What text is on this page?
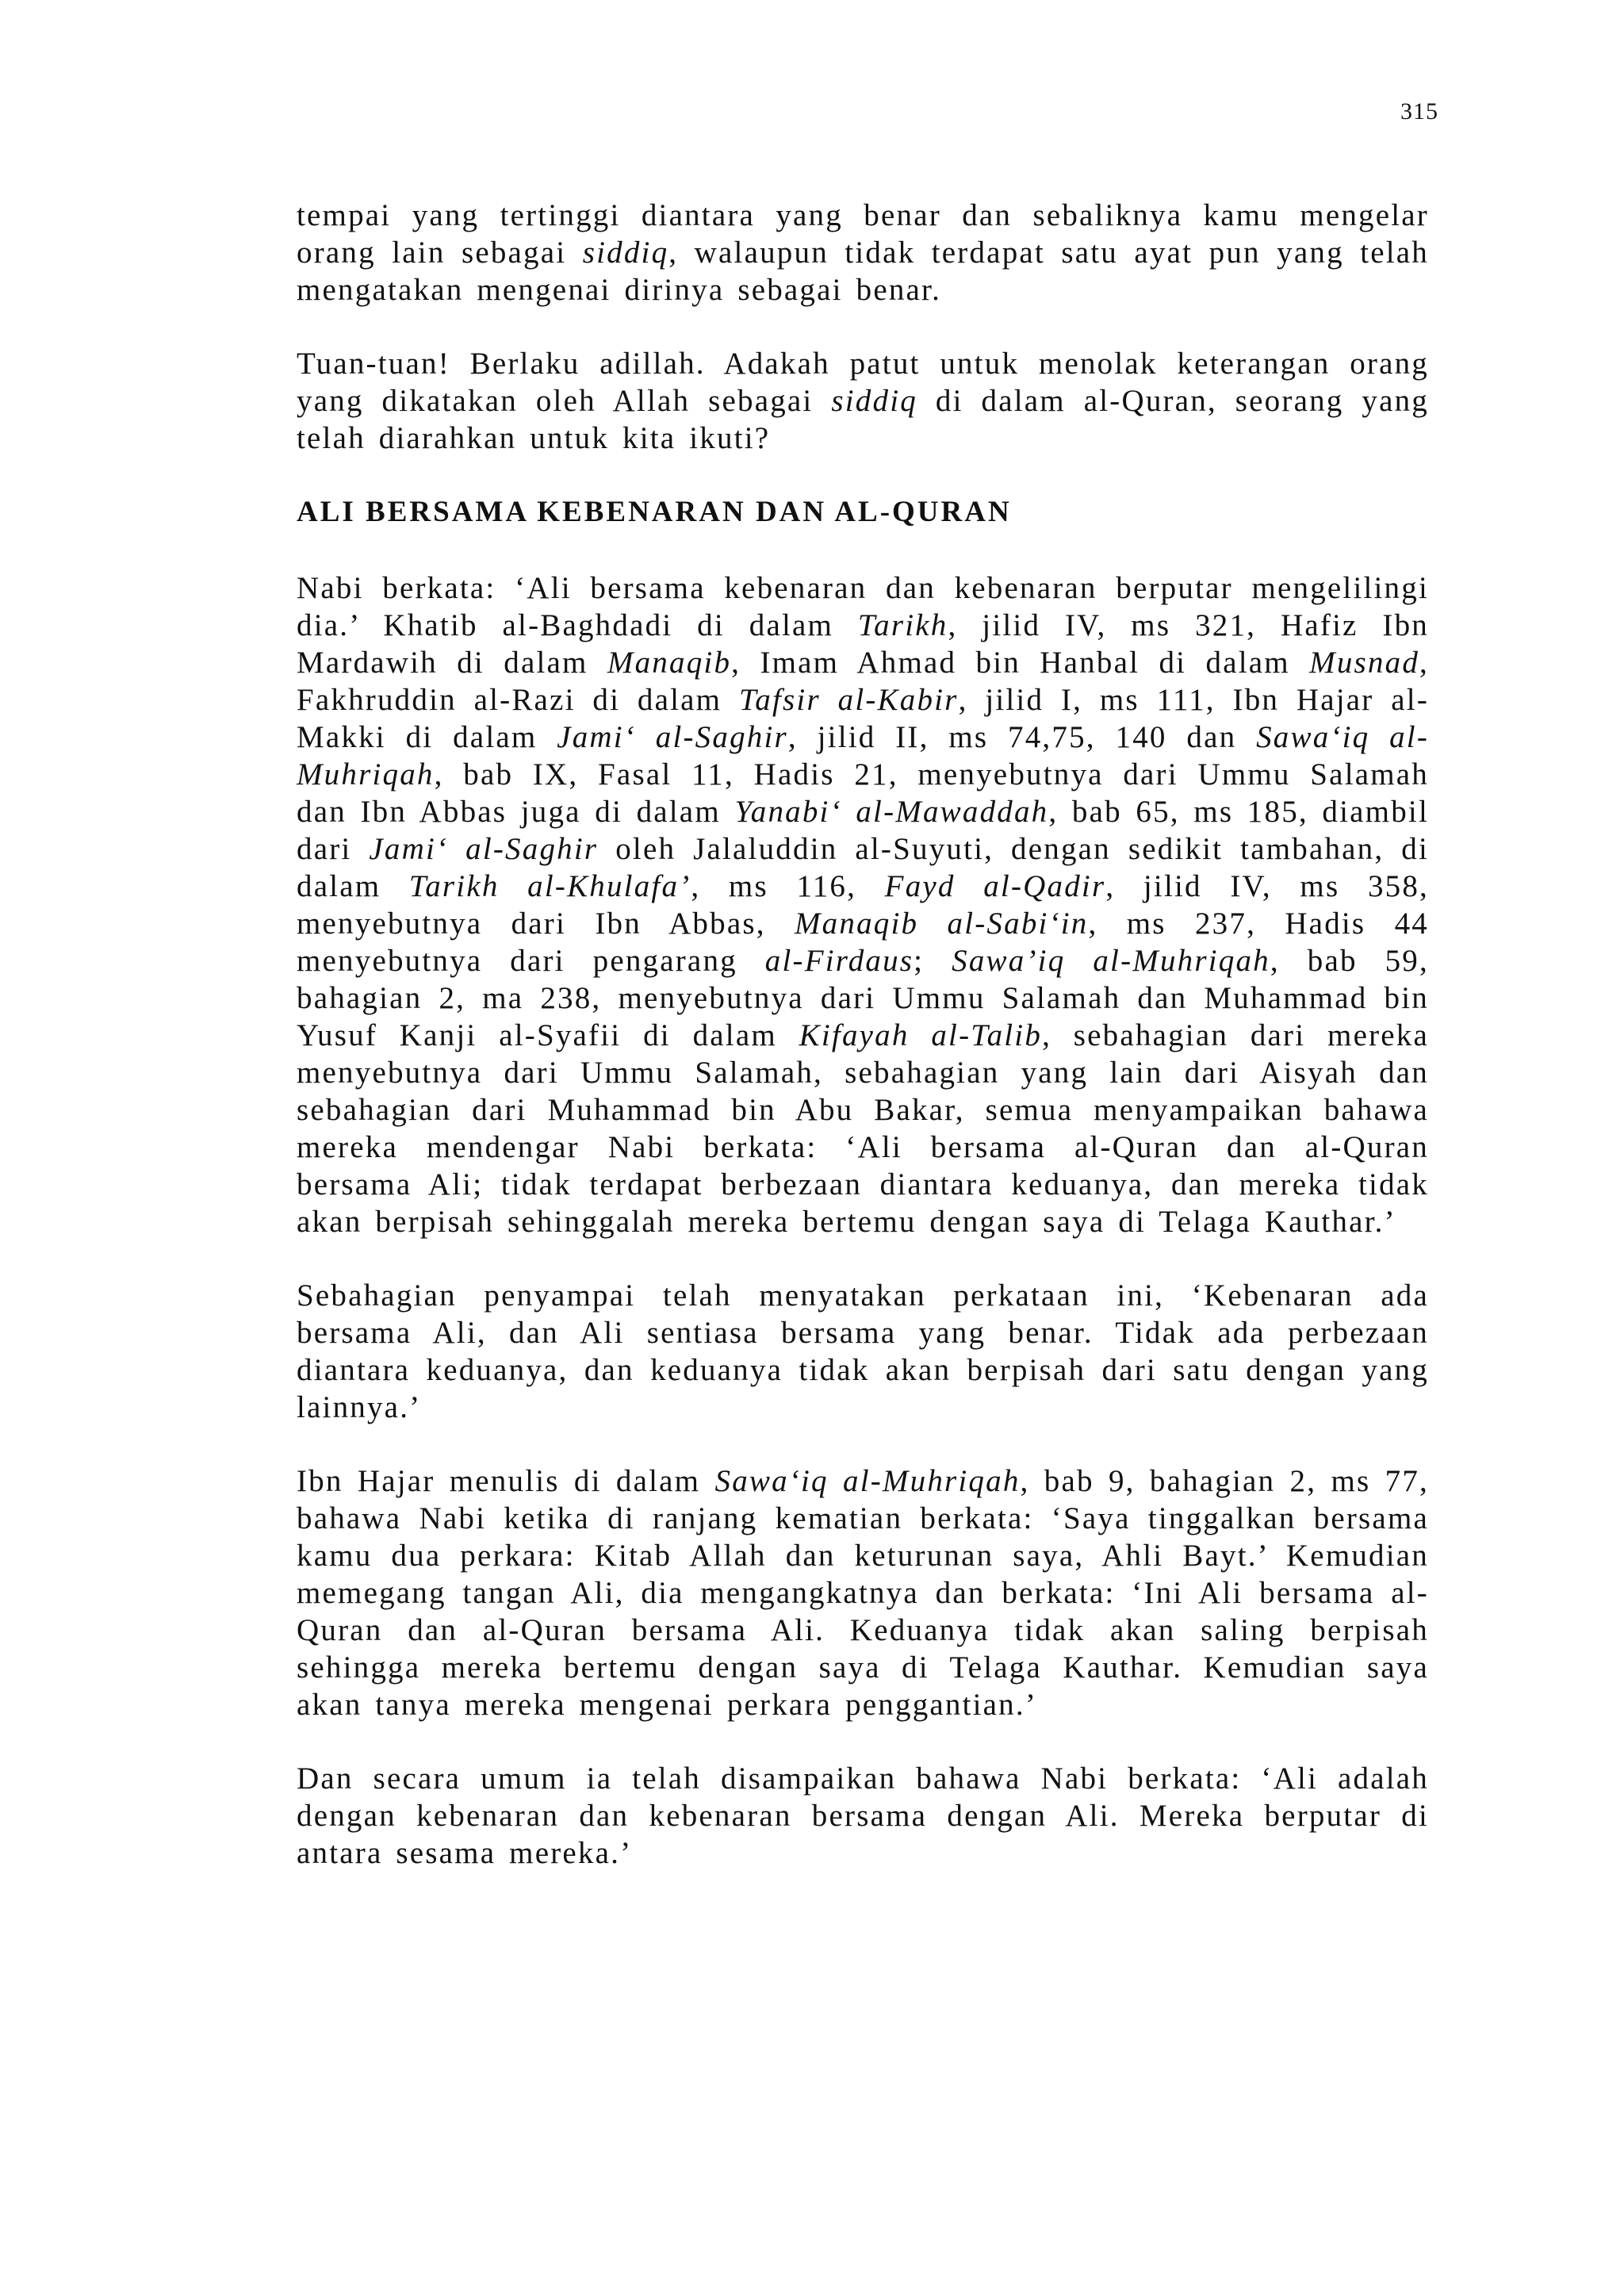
315

tempai yang tertinggi diantara yang benar dan sebaliknya kamu mengelar orang lain sebagai siddiq, walaupun tidak terdapat satu ayat pun yang telah mengatakan mengenai dirinya sebagai benar.

Tuan-tuan! Berlaku adillah. Adakah patut untuk menolak keterangan orang yang dikatakan oleh Allah sebagai siddiq di dalam al-Quran, seorang yang telah diarahkan untuk kita ikuti?

ALI BERSAMA KEBENARAN DAN AL-QURAN

Nabi berkata: ‘Ali bersama kebenaran dan kebenaran berputar mengelilingi dia.’ Khatib al-Baghdadi di dalam Tarikh, jilid IV, ms 321, Hafiz Ibn Mardawih di dalam Manaqib, Imam Ahmad bin Hanbal di dalam Musnad, Fakhruddin al-Razi di dalam Tafsir al-Kabir, jilid I, ms 111, Ibn Hajar al-Makki di dalam Jami‘ al-Saghir, jilid II, ms 74,75, 140 dan Sawa‘iq al-Muhriqah, bab IX, Fasal 11, Hadis 21, menyebutnya dari Ummu Salamah dan Ibn Abbas juga di dalam Yanabi‘ al-Mawaddah, bab 65, ms 185, diambil dari Jami‘ al-Saghir oleh Jalaluddin al-Suyuti, dengan sedikit tambahan, di dalam Tarikh al-Khulafa’, ms 116, Fayd al-Qadir, jilid IV, ms 358, menyebutnya dari Ibn Abbas, Manaqib al-Sabi‘in, ms 237, Hadis 44 menyebutnya dari pengarang al-Firdaus; Sawa’iq al-Muhriqah, bab 59, bahagian 2, ma 238, menyebutnya dari Ummu Salamah dan Muhammad bin Yusuf Kanji al-Syafii di dalam Kifayah al-Talib, sebahagian dari mereka menyebutnya dari Ummu Salamah, sebahagian yang lain dari Aisyah dan sebahagian dari Muhammad bin Abu Bakar, semua menyampaikan bahawa mereka mendengar Nabi berkata: ‘Ali bersama al-Quran dan al-Quran bersama Ali; tidak terdapat berbezaan diantara keduanya, dan mereka tidak akan berpisah sehinggalah mereka bertemu dengan saya di Telaga Kauthar.’

Sebahagian penyampai telah menyatakan perkataan ini, ‘Kebenaran ada bersama Ali, dan Ali sentiasa bersama yang benar. Tidak ada perbezaan diantara keduanya, dan keduanya tidak akan berpisah dari satu dengan yang lainnya.’

Ibn Hajar menulis di dalam Sawa‘iq al-Muhriqah, bab 9, bahagian 2, ms 77, bahawa Nabi ketika di ranjang kematian berkata: ‘Saya tinggalkan bersama kamu dua perkara: Kitab Allah dan keturunan saya, Ahli Bayt.’ Kemudian memegang tangan Ali, dia mengangkatnya dan berkata: ‘Ini Ali bersama al-Quran dan al-Quran bersama Ali. Keduanya tidak akan saling berpisah sehingga mereka bertemu dengan saya di Telaga Kauthar. Kemudian saya akan tanya mereka mengenai perkara penggantian.’

Dan secara umum ia telah disampaikan bahawa Nabi berkata: ‘Ali adalah dengan kebenaran dan kebenaran bersama dengan Ali. Mereka berputar di antara sesama mereka.’
